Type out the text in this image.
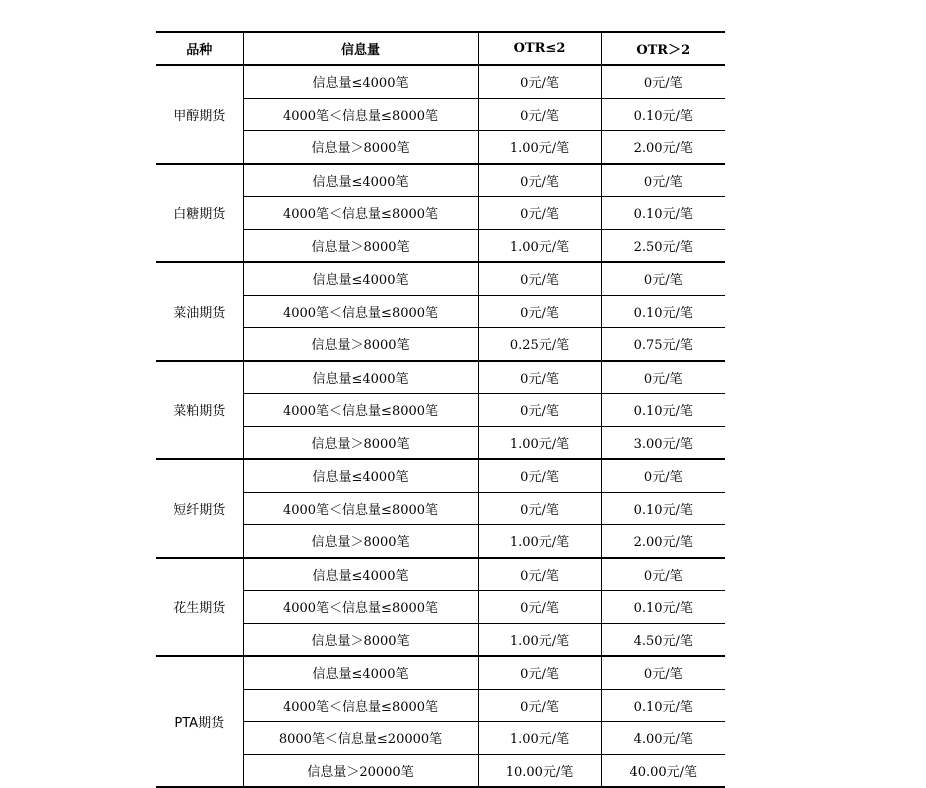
品种	信息量	OTR≤2	OTR＞2
甲醇期货	信息量≤4000笔	0元/笔	0元/笔
	4000笔＜信息量≤8000笔	0元/笔	0.10元/笔
	信息量＞8000笔	1.00元/笔	2.00元/笔
白糖期货	信息量≤4000笔	0元/笔	0元/笔
	4000笔＜信息量≤8000笔	0元/笔	0.10元/笔
	信息量＞8000笔	1.00元/笔	2.50元/笔
菜油期货	信息量≤4000笔	0元/笔	0元/笔
	4000笔＜信息量≤8000笔	0元/笔	0.10元/笔
	信息量＞8000笔	0.25元/笔	0.75元/笔
菜粕期货	信息量≤4000笔	0元/笔	0元/笔
	4000笔＜信息量≤8000笔	0元/笔	0.10元/笔
	信息量＞8000笔	1.00元/笔	3.00元/笔
短纤期货	信息量≤4000笔	0元/笔	0元/笔
	4000笔＜信息量≤8000笔	0元/笔	0.10元/笔
	信息量＞8000笔	1.00元/笔	2.00元/笔
花生期货	信息量≤4000笔	0元/笔	0元/笔
	4000笔＜信息量≤8000笔	0元/笔	0.10元/笔
	信息量＞8000笔	1.00元/笔	4.50元/笔
PTA期货	信息量≤4000笔	0元/笔	0元/笔
	4000笔＜信息量≤8000笔	0元/笔	0.10元/笔
	8000笔＜信息量≤20000笔	1.00元/笔	4.00元/笔
	信息量＞20000笔	10.00元/笔	40.00元/笔
